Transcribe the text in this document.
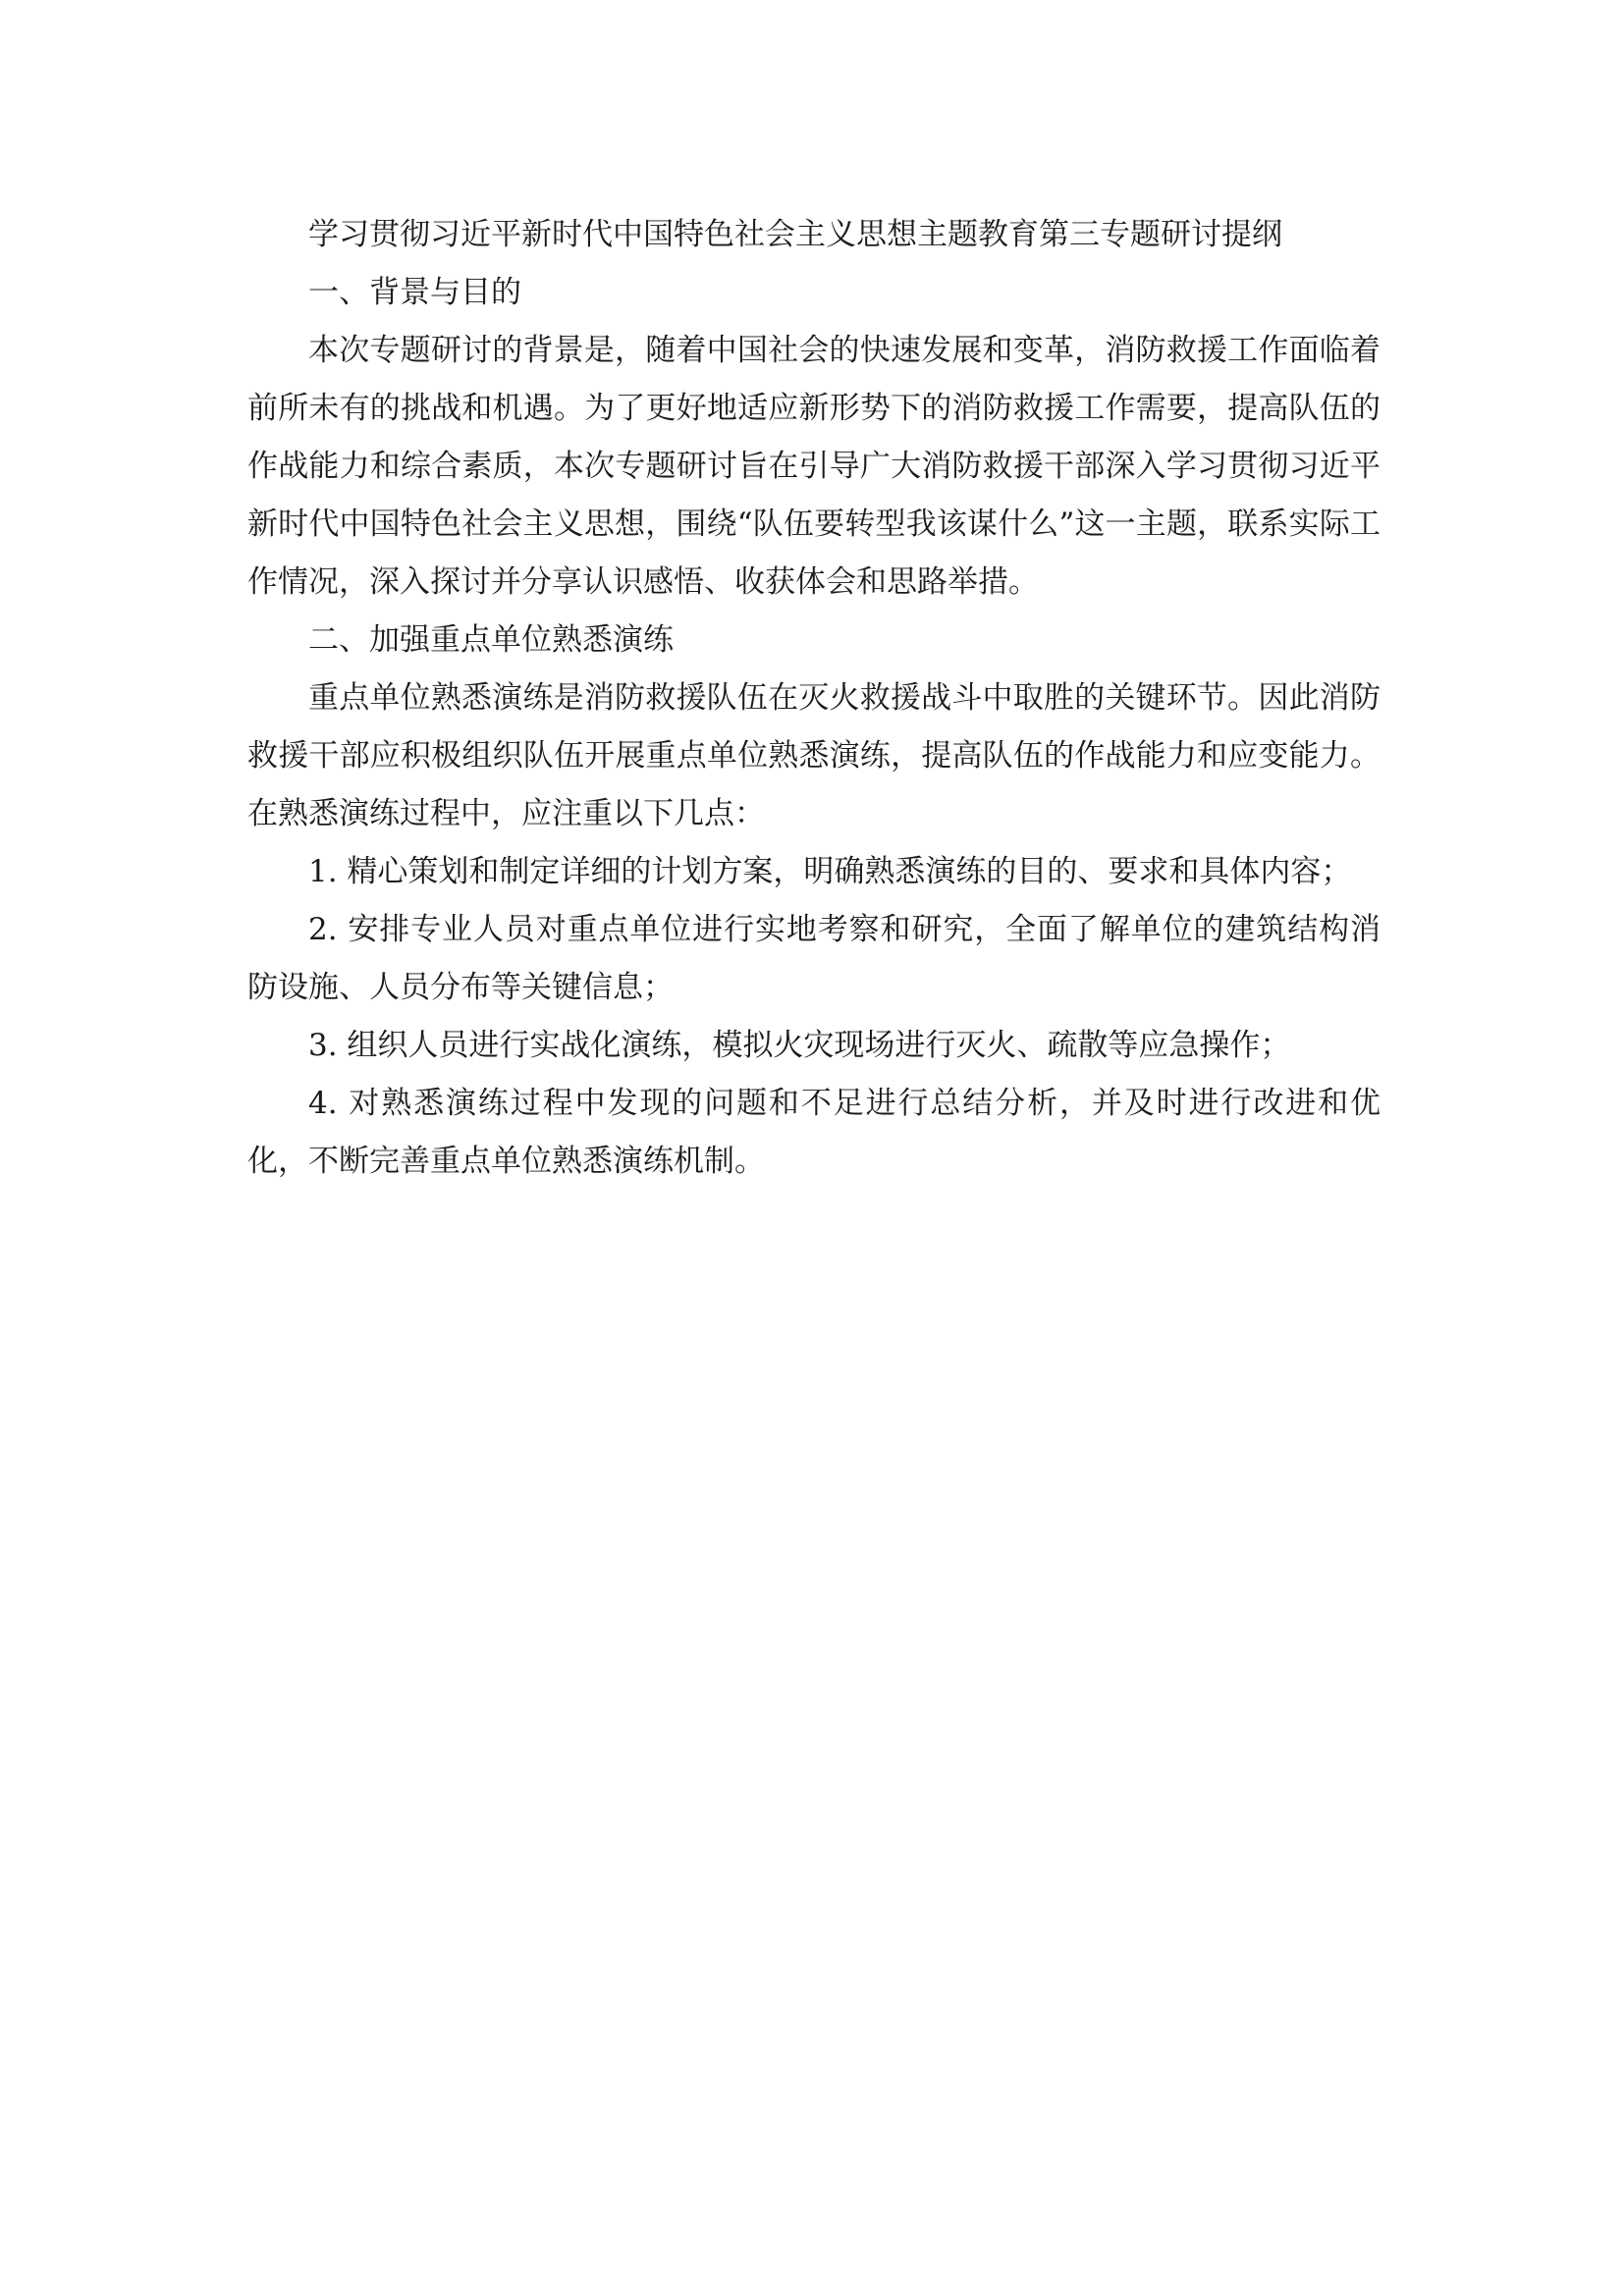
学习贯彻习近平新时代中国特色社会主义思想主题教育第三专题研讨提纲

一、背景与目的

本次专题研讨的背景是，随着中国社会的快速发展和变革，消防救援工作面临着前所未有的挑战和机遇。为了更好地适应新形势下的消防救援工作需要，提高队伍的作战能力和综合素质，本次专题研讨旨在引导广大消防救援干部深入学习贯彻习近平新时代中国特色社会主义思想，围绕“队伍要转型我该谋什么”这一主题，联系实际工作情况，深入探讨并分享认识感悟、收获体会和思路举措。

二、加强重点单位熟悉演练

重点单位熟悉演练是消防救援队伍在灭火救援战斗中取胜的关键环节。因此消防救援干部应积极组织队伍开展重点单位熟悉演练，提高队伍的作战能力和应变能力。在熟悉演练过程中，应注重以下几点：

1. 精心策划和制定详细的计划方案，明确熟悉演练的目的、要求和具体内容；

2. 安排专业人员对重点单位进行实地考察和研究，全面了解单位的建筑结构消防设施、人员分布等关键信息；

3. 组织人员进行实战化演练，模拟火灾现场进行灭火、疏散等应急操作；

4. 对熟悉演练过程中发现的问题和不足进行总结分析，并及时进行改进和优化，不断完善重点单位熟悉演练机制。
